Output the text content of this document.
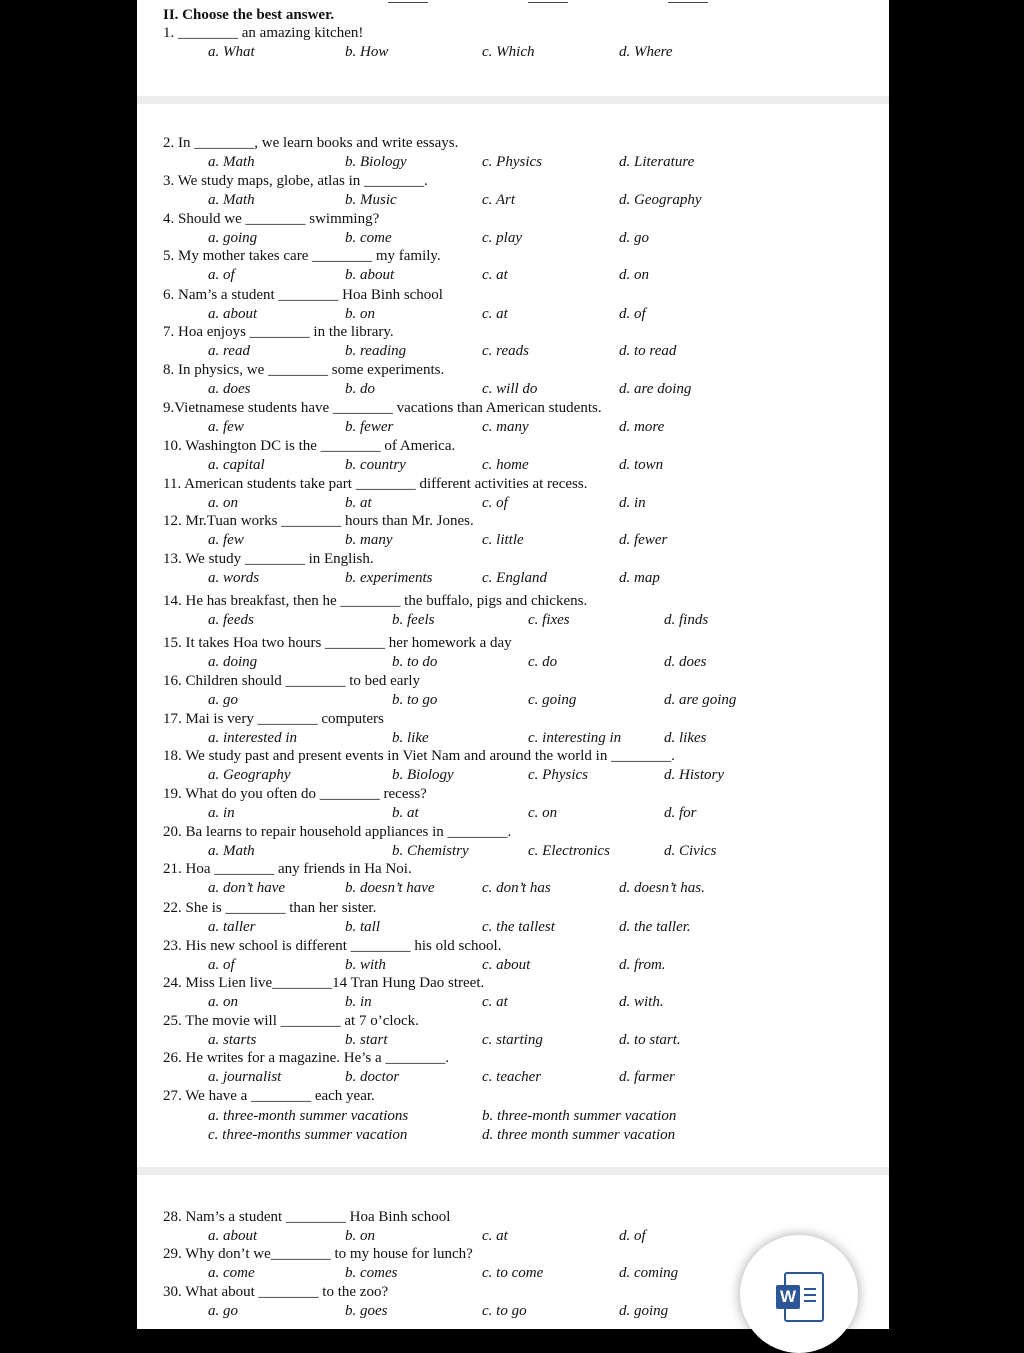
II. Choose the best answer.
1. ________ an amazing kitchen!
a. What	b. How	c. Which	d. Where
2. In ________, we learn books and write essays.
a. Math	b. Biology	c. Physics	d. Literature
3. We study maps, globe, atlas in ________.
a. Math	b. Music	c. Art	d. Geography
4. Should we ________ swimming?
a. going	b. come	c. play	d. go
5. My mother takes care ________ my family.
a. of	b. about	c. at	d. on
6. Nam’s a student ________ Hoa Binh school
a. about	b. on	c. at	d. of
7. Hoa enjoys ________ in the library.
a. read	b. reading	c. reads	d. to read
8. In physics, we ________ some experiments.
a. does	b. do	c. will do	d. are doing
9.Vietnamese students have ________ vacations than American students.
a. few	b. fewer	c. many	d. more
10. Washington DC is the ________ of America.
a. capital	b. country	c. home	d. town
11. American students take part ________ different activities at recess.
a. on	b. at	c. of	d. in
12. Mr.Tuan works ________ hours than Mr. Jones.
a. few	b. many	c. little	d. fewer
13. We study ________ in English.
a. words	b. experiments	c. England	d. map
14. He has breakfast, then he ________ the buffalo, pigs and chickens.
a. feeds	b. feels	c. fixes	d. finds
15. It takes Hoa two hours ________ her homework a day
a. doing	b. to do	c. do	d. does
16. Children should ________ to bed early
a. go	b. to go	c. going	d. are going
17. Mai is very ________ computers
a. interested in	b. like	c. interesting in	d. likes
18. We study past and present events in Viet Nam and around the world in ________.
a. Geography	b. Biology	c. Physics	d. History
19. What do you often do ________ recess?
a. in	b. at	c. on	d. for
20. Ba learns to repair household appliances in ________.
a. Math	b. Chemistry	c. Electronics	d. Civics
21. Hoa ________ any friends in Ha Noi.
a. don’t have	b. doesn’t have	c. don’t has	d. doesn’t has.
22. She is ________ than her sister.
a. taller	b. tall	c. the tallest	d. the taller.
23. His new school is different ________ his old school.
a. of	b. with	c. about	d. from.
24. Miss Lien live________14 Tran Hung Dao street.
a. on	b. in	c. at	d. with.
25. The movie will ________ at 7 o’clock.
a. starts	b. start	c. starting	d. to start.
26. He writes for a magazine. He’s a ________.
a. journalist	b. doctor	c. teacher	d. farmer
27. We have a ________ each year.
a. three-month summer vacations	b. three-month summer vacation
c. three-months summer vacation	d. three month summer vacation
28. Nam’s a student ________ Hoa Binh school
a. about	b. on	c. at	d. of
29. Why don’t we________ to my house for lunch?
a. come	b. comes	c. to come	d. coming
30. What about ________ to the zoo?
a. go	b. goes	c. to go	d. going
W
